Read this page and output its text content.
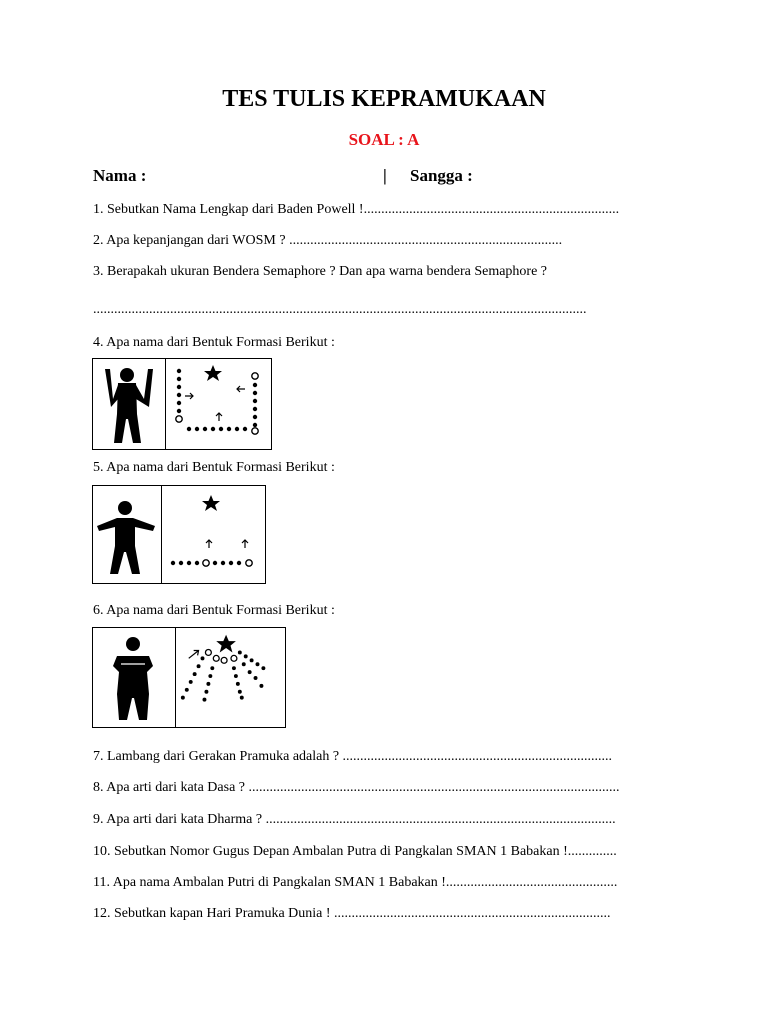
TES TULIS KEPRAMUKAAN
SOAL : A
Nama :	| Sangga :
1. Sebutkan Nama Lengkap dari Baden Powell !.........................................................................
2. Apa kepanjangan dari WOSM ? ..............................................................................
3. Berapakah ukuran Bendera Semaphore ? Dan apa warna bendera Semaphore ?
.............................................................................................................................................
4. Apa nama dari Bentuk Formasi Berikut :
5. Apa nama dari Bentuk Formasi Berikut :
6. Apa nama dari Bentuk Formasi Berikut :
7. Lambang dari Gerakan Pramuka adalah ? .............................................................................
8. Apa arti dari kata Dasa ? ..........................................................................................................
9. Apa arti dari kata Dharma ? ....................................................................................................
10. Sebutkan Nomor Gugus Depan Ambalan Putra di Pangkalan SMAN 1 Babakan !..............
11. Apa nama Ambalan Putri di Pangkalan SMAN 1 Babakan !.................................................
12. Sebutkan kapan Hari Pramuka Dunia ! ...............................................................................
